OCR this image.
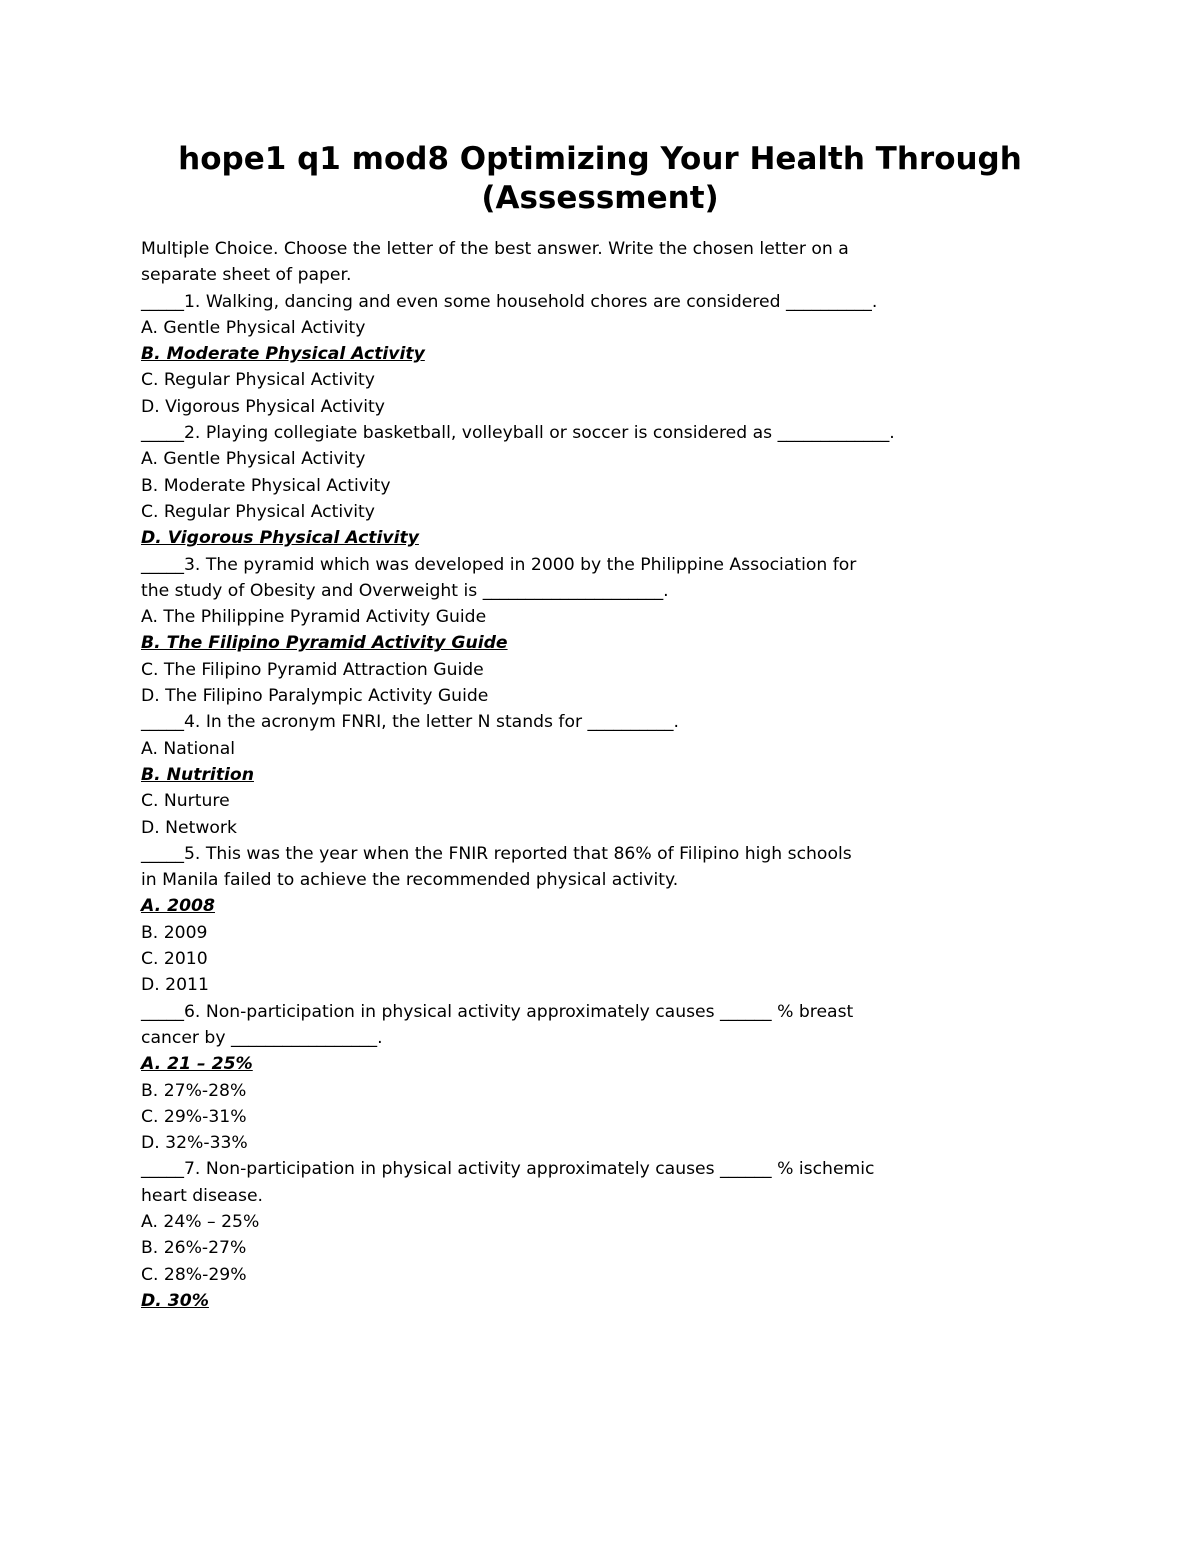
hope1 q1 mod8 Optimizing Your Health Through
(Assessment)
Multiple Choice. Choose the letter of the best answer. Write the chosen letter on a
separate sheet of paper.
_____1. Walking, dancing and even some household chores are considered __________.
A. Gentle Physical Activity
B. Moderate Physical Activity
C. Regular Physical Activity
D. Vigorous Physical Activity
_____2. Playing collegiate basketball, volleyball or soccer is considered as _____________.
A. Gentle Physical Activity
B. Moderate Physical Activity
C. Regular Physical Activity
D. Vigorous Physical Activity
_____3. The pyramid which was developed in 2000 by the Philippine Association for
the study of Obesity and Overweight is _____________________.
A. The Philippine Pyramid Activity Guide
B. The Filipino Pyramid Activity Guide
C. The Filipino Pyramid Attraction Guide
D. The Filipino Paralympic Activity Guide
_____4. In the acronym FNRI, the letter N stands for __________.
A. National
B. Nutrition
C. Nurture
D. Network
_____5. This was the year when the FNIR reported that 86% of Filipino high schools
in Manila failed to achieve the recommended physical activity.
A. 2008
B. 2009
C. 2010
D. 2011
_____6. Non-participation in physical activity approximately causes ______ % breast
cancer by _________________.
A. 21 – 25%
B. 27%-28%
C. 29%-31%
D. 32%-33%
_____7. Non-participation in physical activity approximately causes ______ % ischemic
heart disease.
A. 24% – 25%
B. 26%-27%
C. 28%-29%
D. 30%
